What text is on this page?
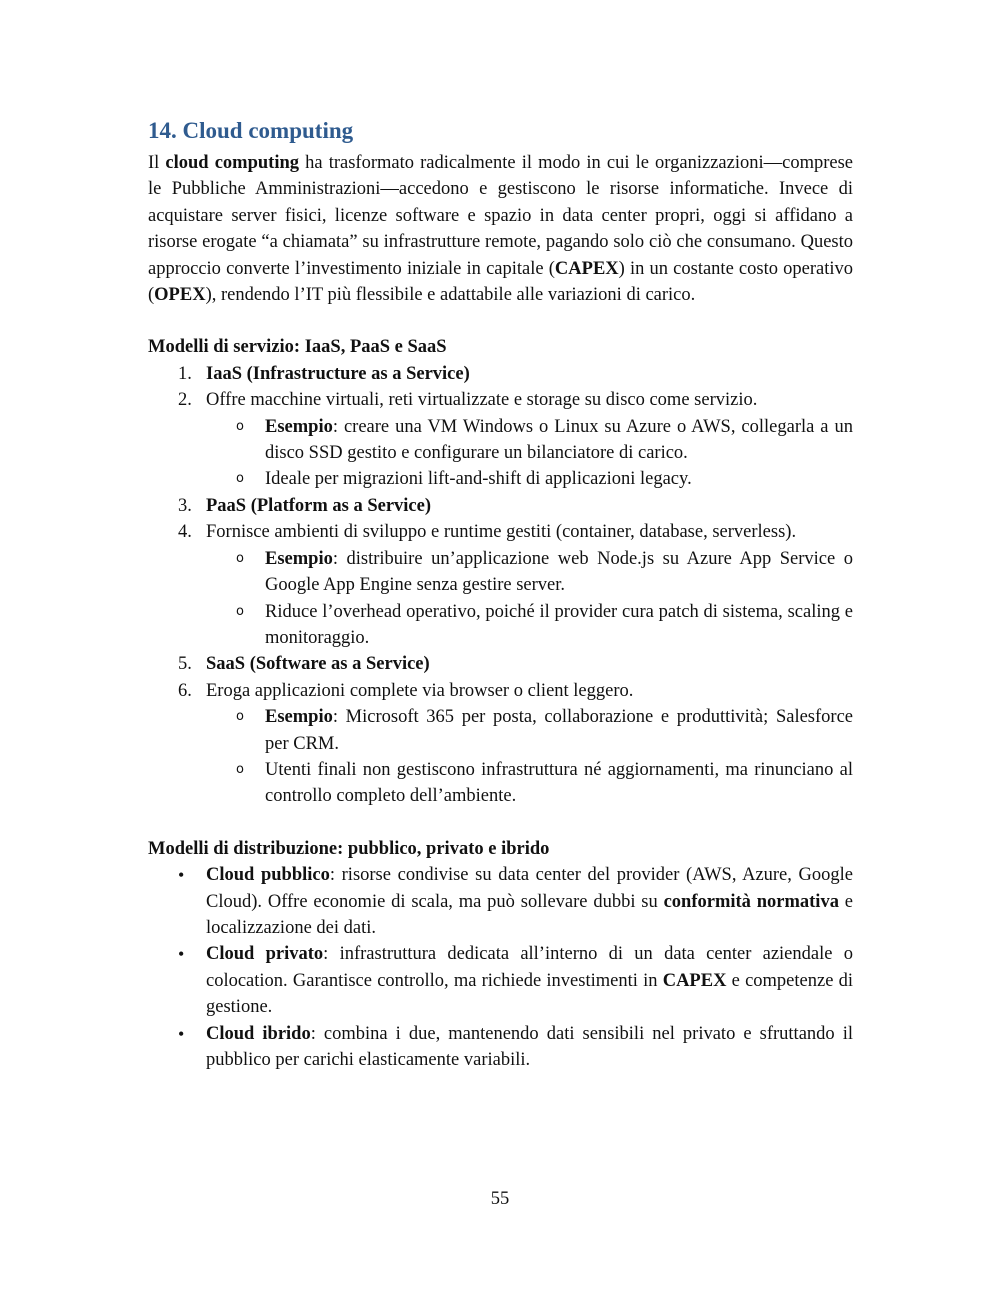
14. Cloud computing

Il cloud computing ha trasformato radicalmente il modo in cui le organizzazioni—comprese le Pubbliche Amministrazioni—accedono e gestiscono le risorse informatiche. Invece di acquistare server fisici, licenze software e spazio in data center propri, oggi si affidano a risorse erogate “a chiamata” su infrastrutture remote, pagando solo ciò che consumano. Questo approccio converte l’investimento iniziale in capitale (CAPEX) in un costante costo operativo (OPEX), rendendo l’IT più flessibile e adattabile alle variazioni di carico.

Modelli di servizio: IaaS, PaaS e SaaS

1. IaaS (Infrastructure as a Service)
2. Offre macchine virtuali, reti virtualizzate e storage su disco come servizio.
o Esempio: creare una VM Windows o Linux su Azure o AWS, collegarla a un disco SSD gestito e configurare un bilanciatore di carico.
o Ideale per migrazioni lift-and-shift di applicazioni legacy.
3. PaaS (Platform as a Service)
4. Fornisce ambienti di sviluppo e runtime gestiti (container, database, serverless).
o Esempio: distribuire un’applicazione web Node.js su Azure App Service o Google App Engine senza gestire server.
o Riduce l’overhead operativo, poiché il provider cura patch di sistema, scaling e monitoraggio.
5. SaaS (Software as a Service)
6. Eroga applicazioni complete via browser o client leggero.
o Esempio: Microsoft 365 per posta, collaborazione e produttività; Salesforce per CRM.
o Utenti finali non gestiscono infrastruttura né aggiornamenti, ma rinunciano al controllo completo dell’ambiente.

Modelli di distribuzione: pubblico, privato e ibrido

• Cloud pubblico: risorse condivise su data center del provider (AWS, Azure, Google Cloud). Offre economie di scala, ma può sollevare dubbi su conformità normativa e localizzazione dei dati.
• Cloud privato: infrastruttura dedicata all’interno di un data center aziendale o colocation. Garantisce controllo, ma richiede investimenti in CAPEX e competenze di gestione.
• Cloud ibrido: combina i due, mantenendo dati sensibili nel privato e sfruttando il pubblico per carichi elasticamente variabili.
55
